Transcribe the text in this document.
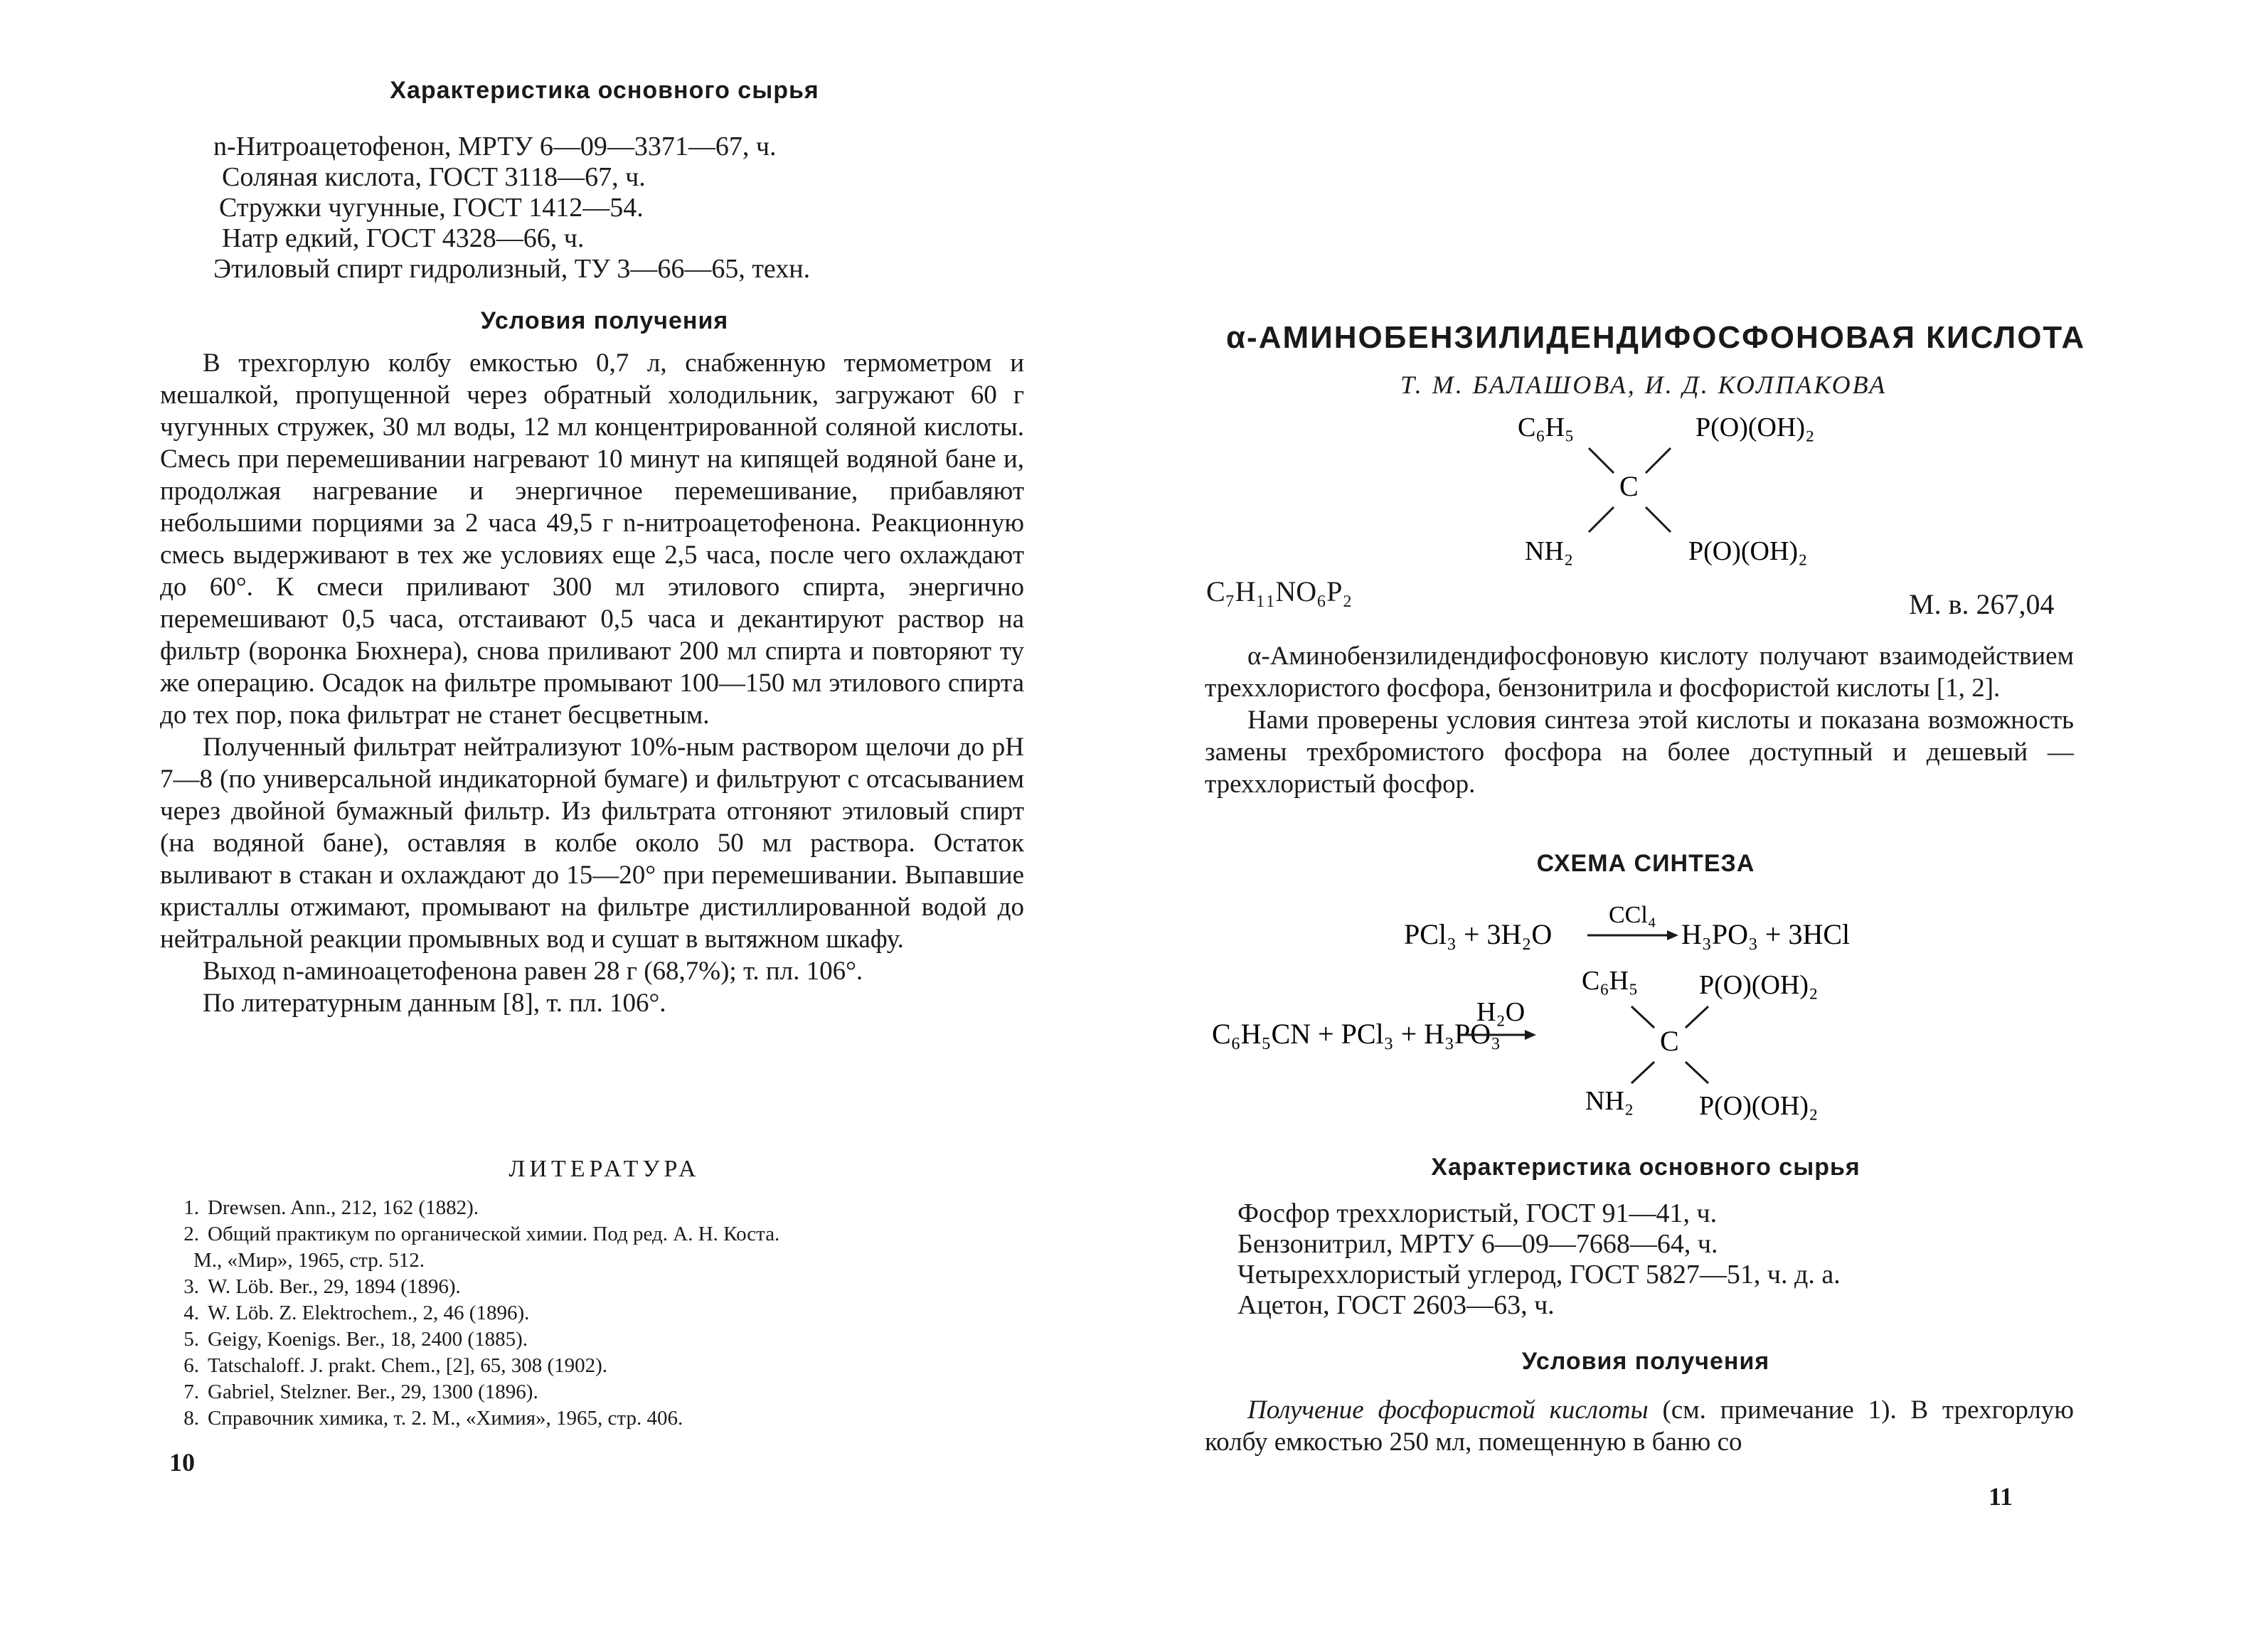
Характеристика основного сырья
n-Нитроацетофенон, МРТУ 6—09—3371—67, ч.
Соляная кислота, ГОСТ 3118—67, ч.
Стружки чугунные, ГОСТ 1412—54.
Натр едкий, ГОСТ 4328—66, ч.
Этиловый спирт гидролизный, ТУ 3—66—65, техн.
Условия получения

В трехгорлую колбу емкостью 0,7 л, снабженную термометром и мешалкой, пропущенной через обратный холодильник, загружают 60 г чугунных стружек, 30 мл воды, 12 мл концентрированной соляной кислоты. Смесь при перемешивании нагревают 10 минут на кипящей водяной бане и, продолжая нагревание и энергичное перемешивание, прибавляют небольшими порциями за 2 часа 49,5 г n-нитроацетофенона. Реакционную смесь выдерживают в тех же условиях еще 2,5 часа, после чего охлаждают до 60°. К смеси приливают 300 мл этилового спирта, энергично перемешивают 0,5 часа, отстаивают 0,5 часа и декантируют раствор на фильтр (воронка Бюхнера), снова приливают 200 мл спирта и повторяют ту же операцию. Осадок на фильтре промывают 100—150 мл этилового спирта до тех пор, пока фильтрат не станет бесцветным.

Полученный фильтрат нейтрализуют 10%-ным раствором щелочи до pH 7—8 (по универсальной индикаторной бумаге) и фильтруют с отсасыванием через двойной бумажный фильтр. Из фильтрата отгоняют этиловый спирт (на водяной бане), оставляя в колбе около 50 мл раствора. Остаток выливают в стакан и охлаждают до 15—20° при перемешивании. Выпавшие кристаллы отжимают, промывают на фильтре дистиллированной водой до нейтральной реакции промывных вод и сушат в вытяжном шкафу.

Выход n-аминоацетофенона равен 28 г (68,7%); т. пл. 106°.

По литературным данным [8], т. пл. 106°.

ЛИТЕРАТУРА
1. Drewsen. Ann., 212, 162 (1882).
2. Общий практикум по органической химии. Под ред. А. Н. Коста.
М., «Мир», 1965, стр. 512.
3. W. Löb. Ber., 29, 1894 (1896).
4. W. Löb. Z. Elektrochem., 2, 46 (1896).
5. Geigy, Koenigs. Ber., 18, 2400 (1885).
6. Tatschaloff. J. prakt. Chem., [2], 65, 308 (1902).
7. Gabriel, Stelzner. Ber., 29, 1300 (1896).
8. Справочник химика, т. 2. М., «Химия», 1965, стр. 406.
10
α-АМИНОБЕНЗИЛИДЕНДИФОСФОНОВАЯ КИСЛОТА
Т. М. БАЛАШОВА, И. Д. КОЛПАКОВА
C₆H₅	P(O)(OH)₂
C
NH₂	P(O)(OH)₂
C₇H₁₁NO₆P₂	М. в. 267,04

α-Аминобензилидендифосфоновую кислоту получают взаимодействием треххлористого фосфора, бензонитрила и фосфористой кислоты [1, 2].

Нами проверены условия синтеза этой кислоты и показана возможность замены трехбромистого фосфора на более доступный и дешевый — треххлористый фосфор.

СХЕМА СИНТЕЗА
PCl₃ + 3H₂O
CCl₄
H₃PO₃ + 3HCl
C₆H₅CN + PCl₃ + H₃PO₃
H₂O
C₆H₅ P(O)(OH)₂
C
NH₂ P(O)(OH)₂
Характеристика основного сырья
Фосфор треххлористый, ГОСТ 91—41, ч.
Бензонитрил, МРТУ 6—09—7668—64, ч.
Четыреххлористый углерод, ГОСТ 5827—51, ч. д. а.
Ацетон, ГОСТ 2603—63, ч.
Условия получения

Получение фосфористой кислоты (см. примечание 1). В трехгорлую колбу емкостью 250 мл, помещенную в баню со

11
